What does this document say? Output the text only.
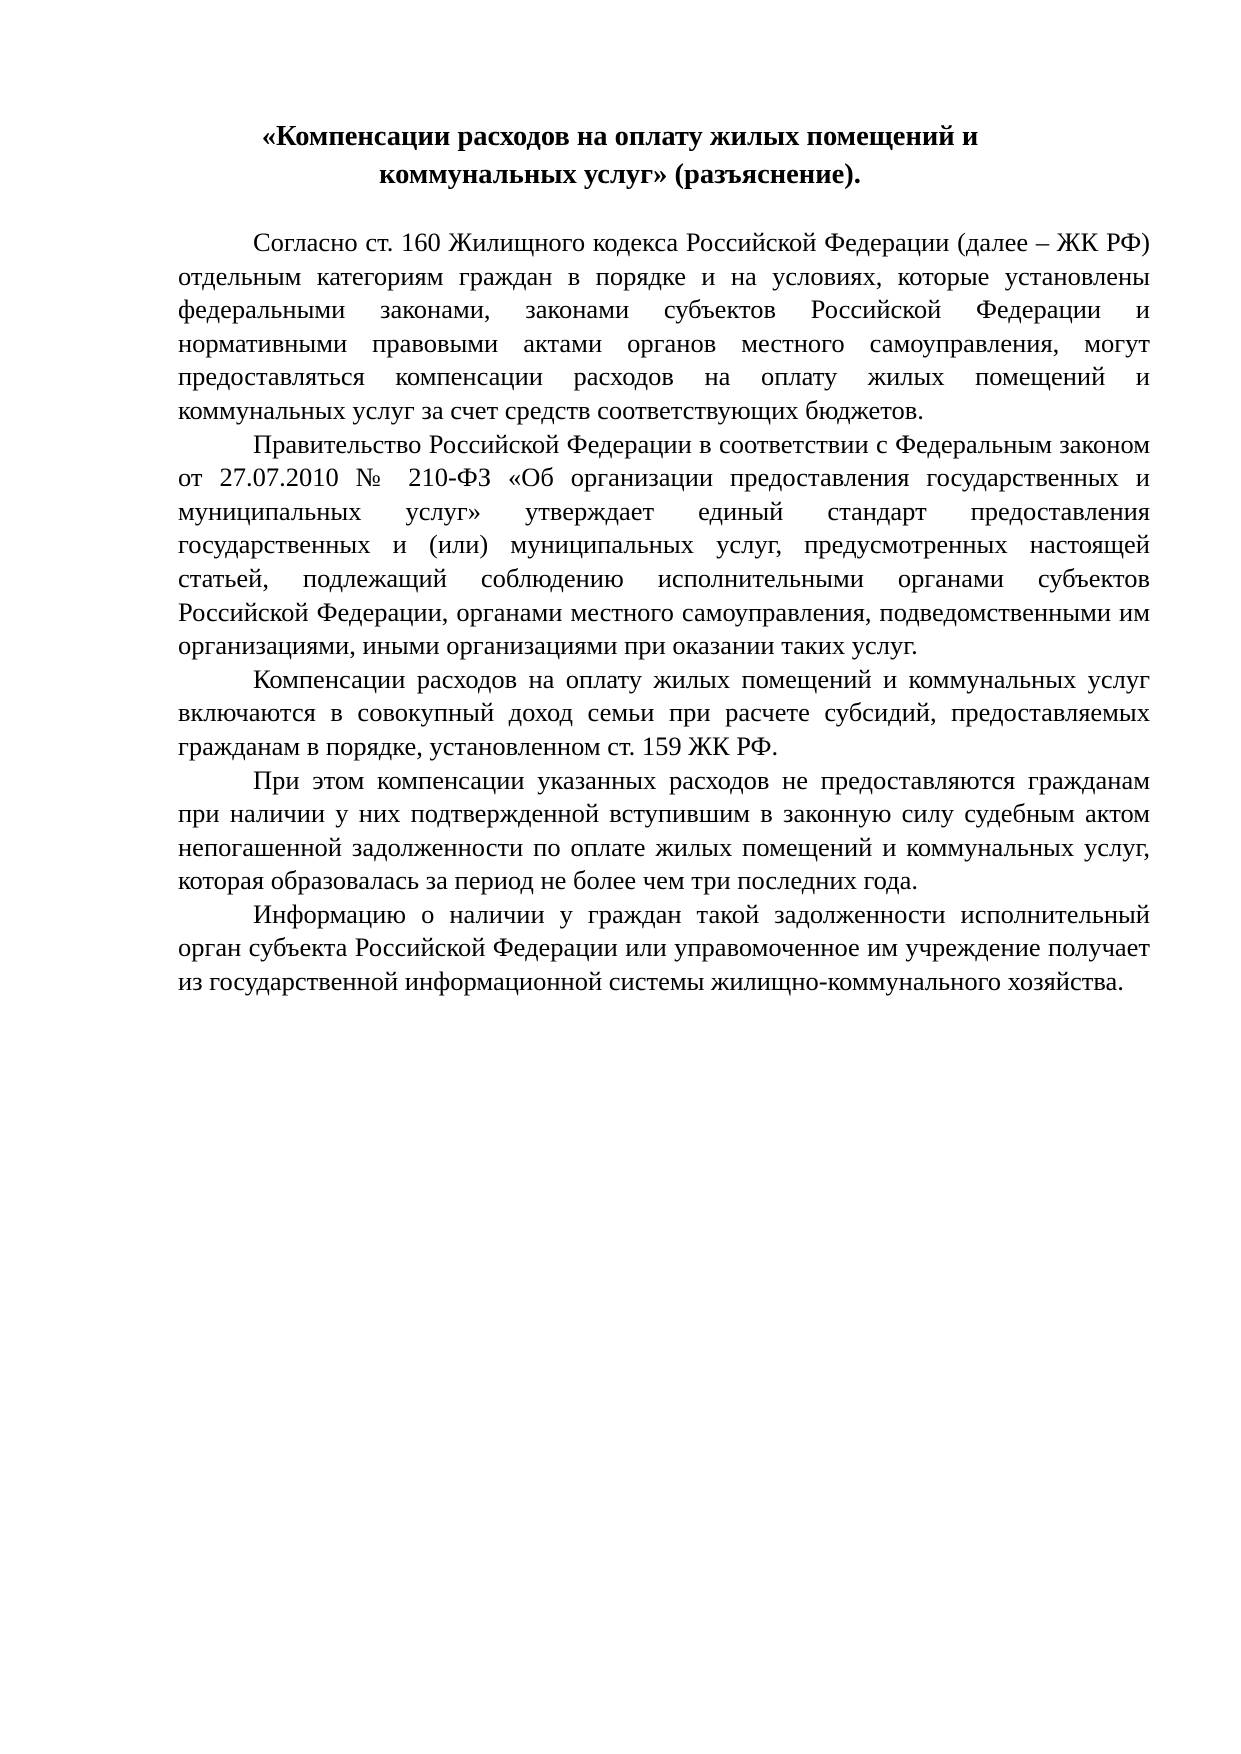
«Компенсации расходов на оплату жилых помещений и коммунальных услуг» (разъяснение).

Согласно ст. 160 Жилищного кодекса Российской Федерации (далее – ЖК РФ) отдельным категориям граждан в порядке и на условиях, которые установлены федеральными законами, законами субъектов Российской Федерации и нормативными правовыми актами органов местного самоуправления, могут предоставляться компенсации расходов на оплату жилых помещений и коммунальных услуг за счет средств соответствующих бюджетов.

Правительство Российской Федерации в соответствии с Федеральным законом от 27.07.2010 № 210-ФЗ «Об организации предоставления государственных и муниципальных услуг» утверждает единый стандарт предоставления государственных и (или) муниципальных услуг, предусмотренных настоящей статьей, подлежащий соблюдению исполнительными органами субъектов Российской Федерации, органами местного самоуправления, подведомственными им организациями, иными организациями при оказании таких услуг.

Компенсации расходов на оплату жилых помещений и коммунальных услуг включаются в совокупный доход семьи при расчете субсидий, предоставляемых гражданам в порядке, установленном ст. 159 ЖК РФ.

При этом компенсации указанных расходов не предоставляются гражданам при наличии у них подтвержденной вступившим в законную силу судебным актом непогашенной задолженности по оплате жилых помещений и коммунальных услуг, которая образовалась за период не более чем три последних года.

Информацию о наличии у граждан такой задолженности исполнительный орган субъекта Российской Федерации или управомоченное им учреждение получает из государственной информационной системы жилищно-коммунального хозяйства.
